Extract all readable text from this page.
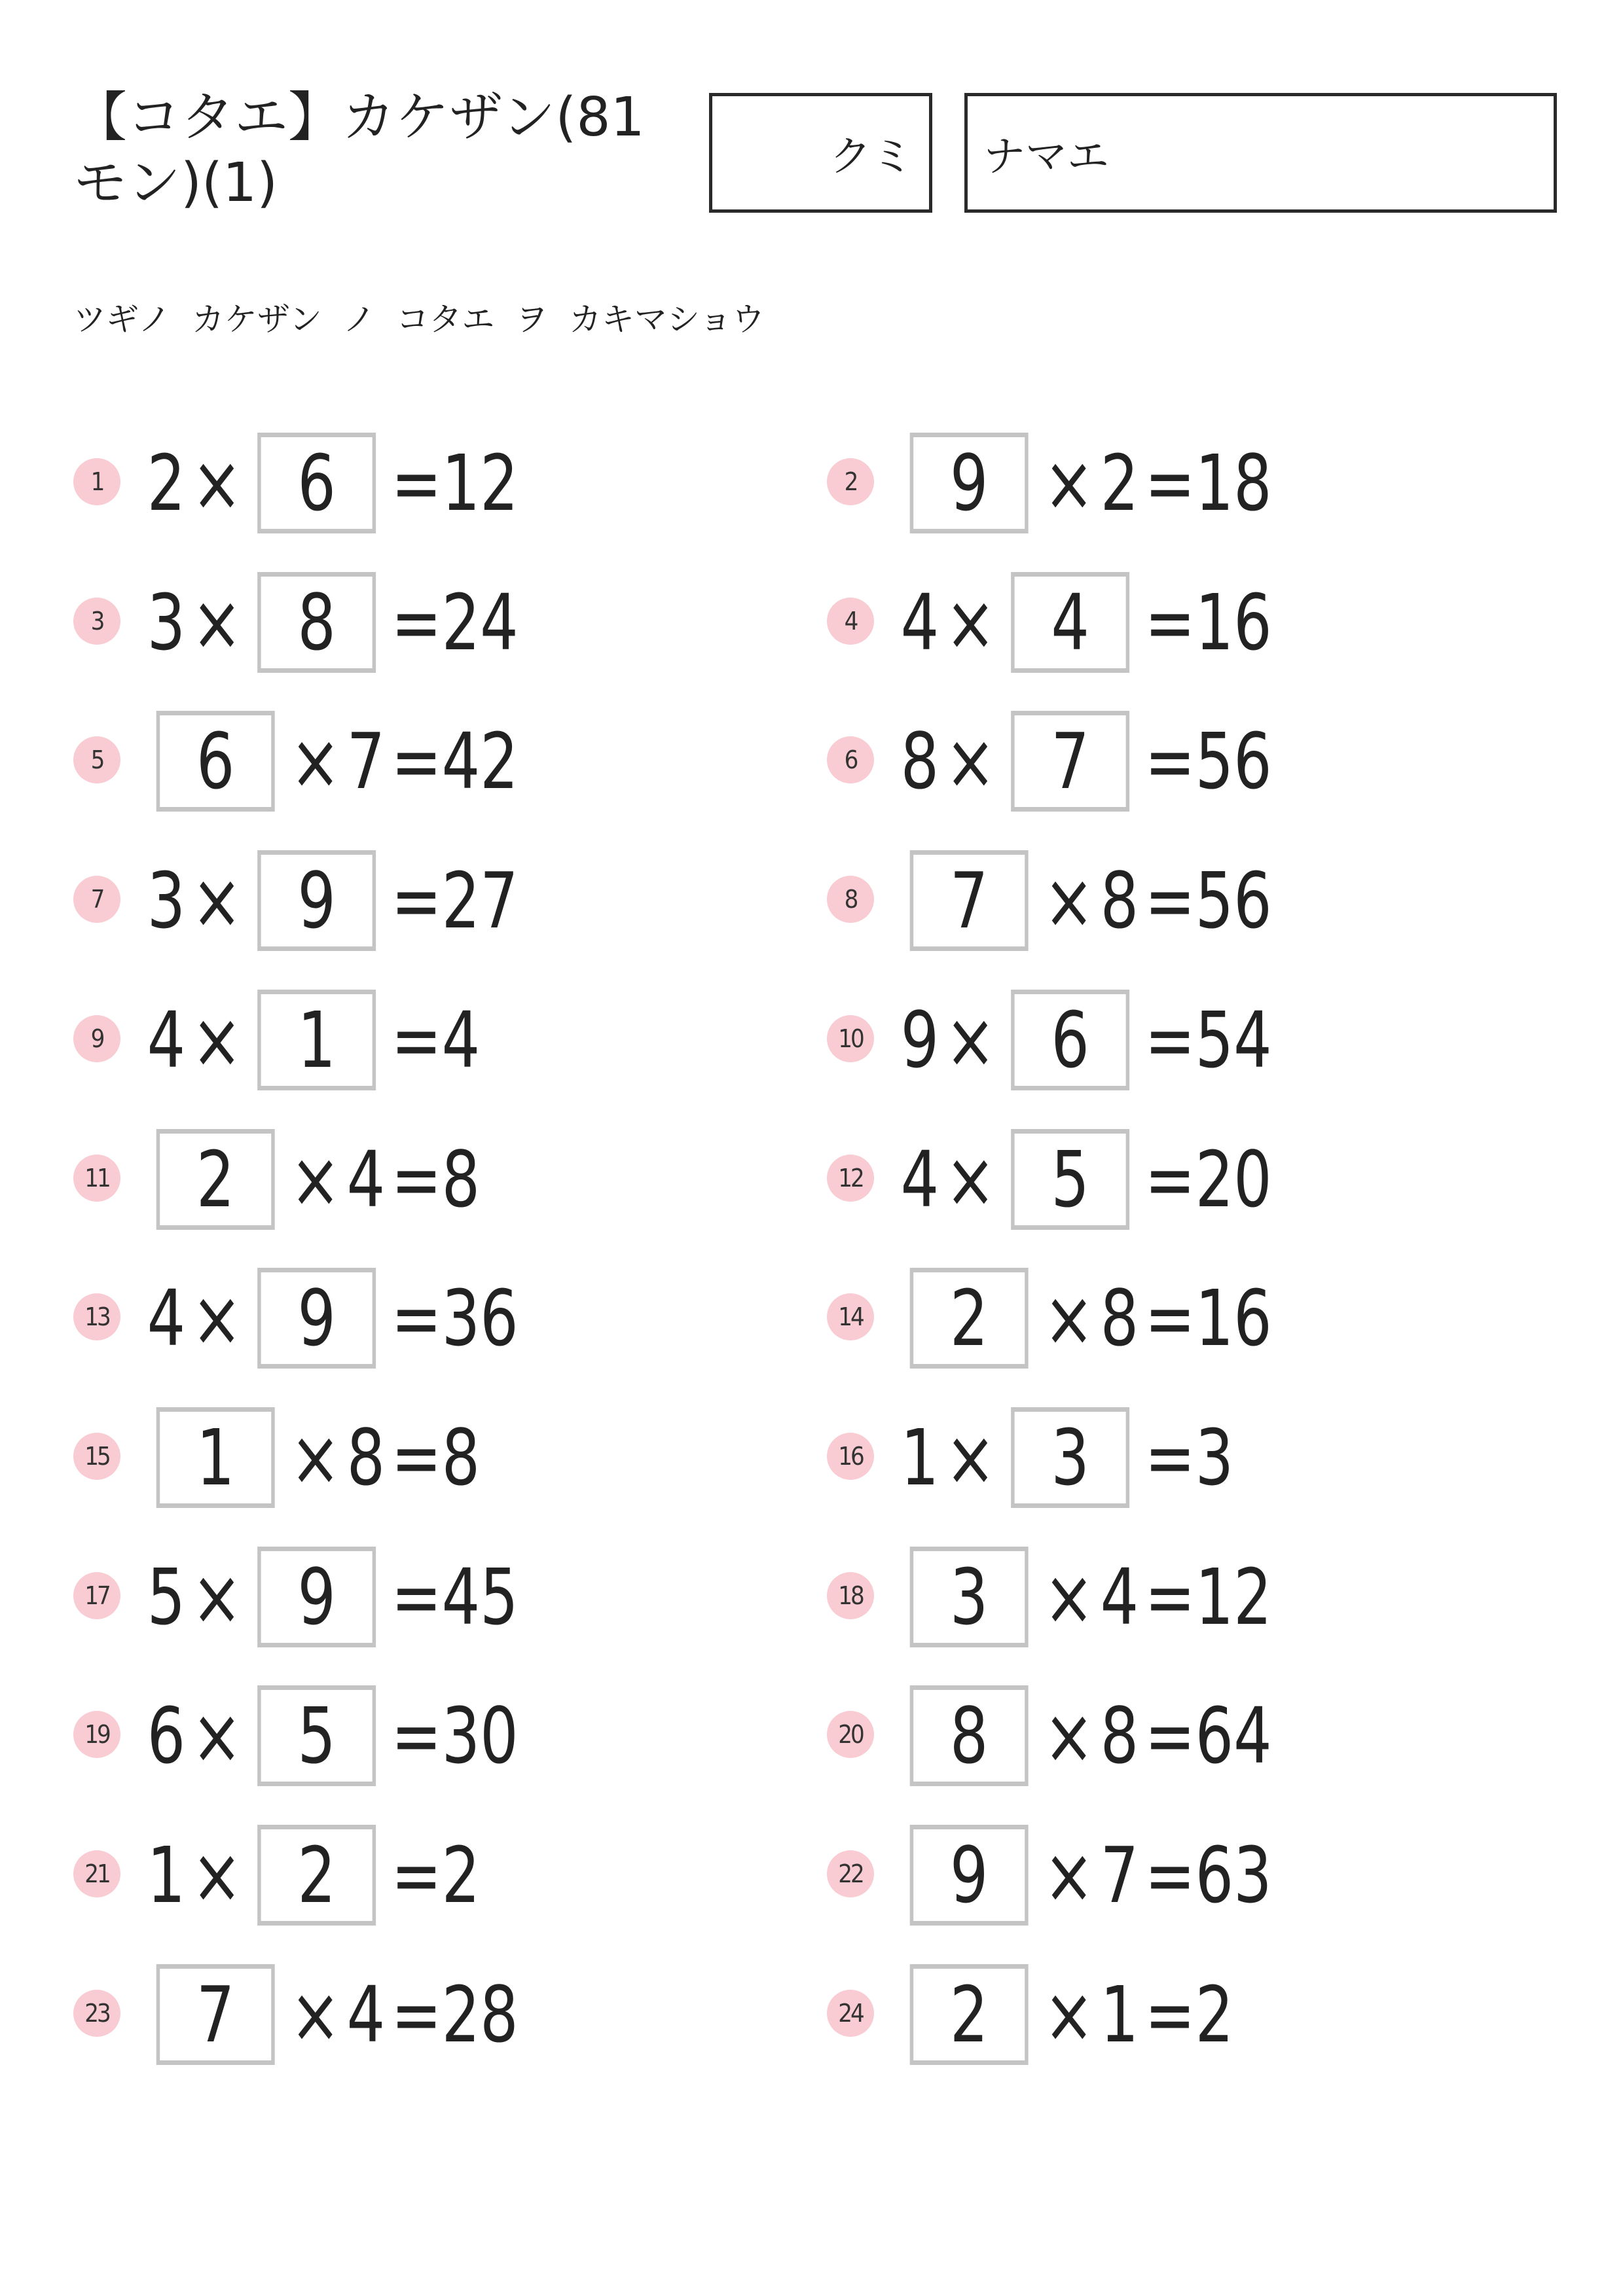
【コタエ】カケザン(81
モン)(1)	クミ ナマエ
ツギノ  カケザン  ノ  コタエ  ヲ  カキマショウ
1 2 × 6 =12	2	9 × 2 =18
3 3 × 8 =24	4 4 × 4 =16
5	6 × 7 =42	6 8 × 7 =56
7 3 × 9 =27	8	7 × 8 =56
9 4 × 1 =4	10 9 × 6 =54
11	2 × 4 =8	12 4 × 5 =20
13 4 × 9 =36	14	2 × 8 =16
15	1 × 8 =8	16 1 × 3 =3
17 5 × 9 =45	18	3 × 4 =12
19 6 × 5 =30	20	8 × 8 =64
21 1 × 2 =2	22	9 × 7 =63
23	7 × 4 =28	24	2 × 1 =2
